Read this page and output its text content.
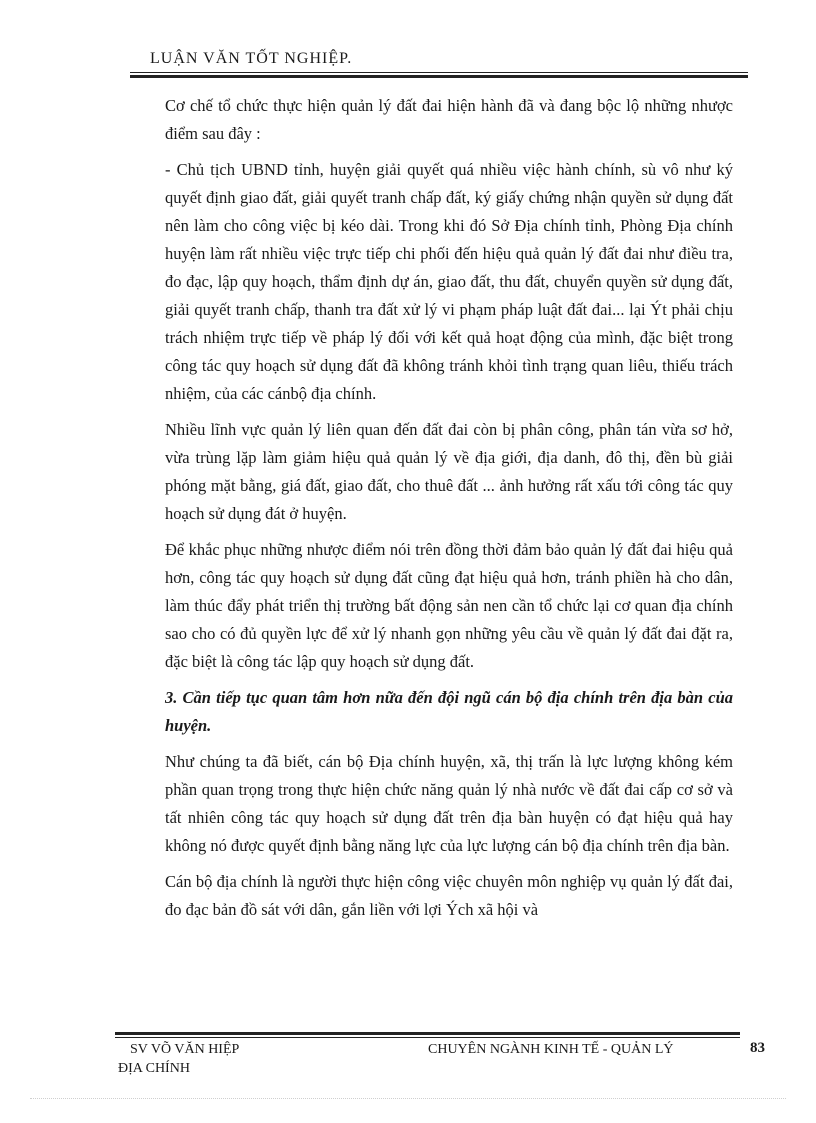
LUẬN VĂN TỐT NGHIỆP.

Cơ chế tổ chức thực hiện quản lý đất đai hiện hành đã và đang bộc lộ những nhược điểm sau đây :

- Chủ tịch UBND tỉnh, huyện giải quyết quá nhiều việc hành chính, sù vô như ký quyết định giao đất, giải quyết tranh chấp đất, ký giấy chứng nhận quyền sử dụng đất nên làm cho công việc bị kéo dài. Trong khi đó Sở Địa chính tỉnh, Phòng Địa chính huyện làm rất nhiều việc trực tiếp chi phối đến hiệu quả quản lý đất đai như điều tra, đo đạc, lập quy hoạch, thẩm định dự án, giao đất, thu đất, chuyển quyền sử dụng đất, giải quyết tranh chấp, thanh tra đất xử lý vi phạm pháp luật đất đai... lại Ýt phải chịu trách nhiệm trực tiếp về pháp lý đối với kết quả hoạt động của mình, đặc biệt trong công tác quy hoạch sử dụng đất đã không tránh khỏi tình trạng quan liêu, thiếu trách nhiệm, của các cánbộ địa chính.

Nhiều lĩnh vực quản lý liên quan đến đất đai còn bị phân công, phân tán vừa sơ hở, vừa trùng lặp làm giảm hiệu quả quản lý về địa giới, địa danh, đô thị, đền bù giải phóng mặt bằng, giá đất, giao đất, cho thuê đất ... ảnh hưởng rất xấu tới công tác quy hoạch sử dụng đát ở huyện.

Để khắc phục những nhược điểm nói trên đồng thời đảm bảo quản lý đất đai hiệu quả hơn, công tác quy hoạch sử dụng đất cũng đạt hiệu quả hơn, tránh phiền hà cho dân, làm thúc đẩy phát triển thị trường bất động sản nen cần tổ chức lại cơ quan địa chính sao cho có đủ quyền lực để xử lý nhanh gọn những yêu cầu về quản lý đất đai đặt ra, đặc biệt là công tác lập quy hoạch sử dụng đất.

3. Cần tiếp tục quan tâm hơn nữa đến đội ngũ cán bộ địa chính trên địa bàn của huyện.

Như chúng ta đã biết, cán bộ Địa chính huyện, xã, thị trấn là lực lượng không kém phần quan trọng trong thực hiện chức năng quản lý nhà nước về đất đai cấp cơ sở và tất nhiên công tác quy hoạch sử dụng đất trên địa bàn huyện có đạt hiệu quả hay không nó được quyết định bằng năng lực của lực lượng cán bộ địa chính trên địa bàn.

Cán bộ địa chính là người thực hiện công việc chuyên môn nghiệp vụ quản lý đất đai, đo đạc bản đồ sát với dân, gắn liền với lợi Ých xã hội và

SV VÕ VĂN HIỆP
ĐỊA CHÍNH
CHUYÊN NGÀNH KINH TẾ - QUẢN LÝ	83
